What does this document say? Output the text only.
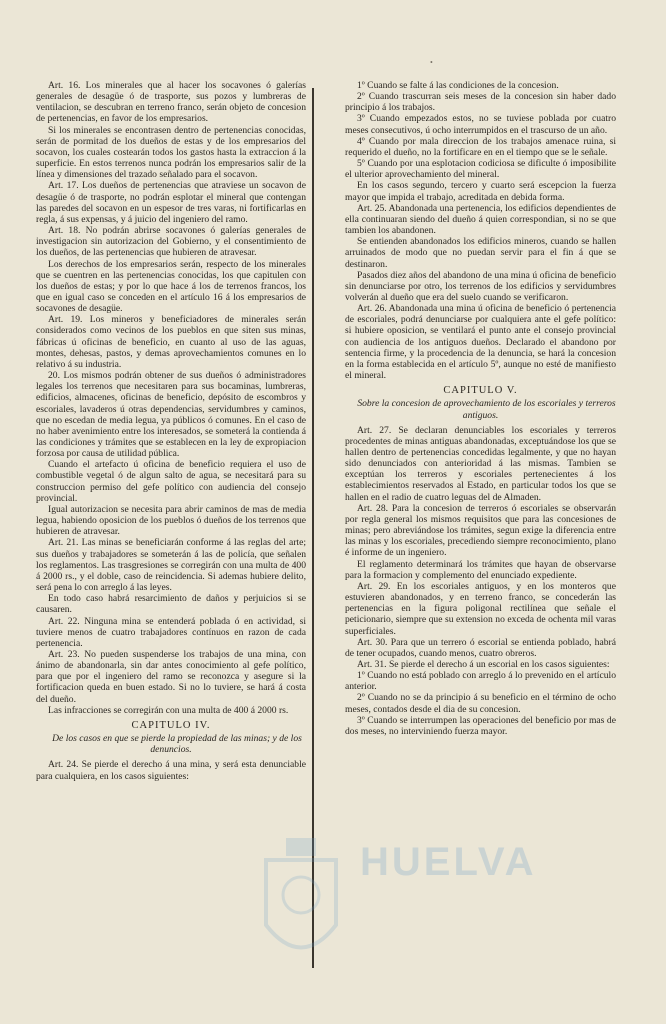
•

Art. 16. Los minerales que al hacer los socavones ó galerías generales de desagüe ó de trasporte, sus pozos y lumbreras de ventilacion, se descubran en terreno franco, serán objeto de concesion de pertenencias, en favor de los empresarios.

Si los minerales se encontrasen dentro de pertenencias conocidas, serán de pormitad de los dueños de estas y de los empresarios del socavon, los cuales costearán todos los gastos hasta la extraccion á la superficie. En estos terrenos nunca podrán los empresarios salir de la línea y dimensiones del trazado señalado para el socavon.

Art. 17. Los dueños de pertenencias que atraviese un socavon de desagüe ó de trasporte, no podrán esplotar el mineral que contengan las paredes del socavon en un espesor de tres varas, ni fortificarlas en regla, á sus expensas, y á juicio del ingeniero del ramo.

Art. 18. No podrán abrirse socavones ó galerías generales de investigacion sin autorizacion del Gobierno, y el consentimiento de los dueños, de las pertenencias que hubieren de atravesar.

Los derechos de los empresarios serán, respecto de los minerales que se cuentren en las pertenencias conocidas, los que capitulen con los dueños de estas; y por lo que hace á los de terrenos francos, los que en igual caso se conceden en el artículo 16 á los empresarios de socavones de desagüe.

Art. 19. Los mineros y beneficiadores de minerales serán considerados como vecinos de los pueblos en que siten sus minas, fábricas ú oficinas de beneficio, en cuanto al uso de las aguas, montes, dehesas, pastos, y demas aprovechamientos comunes en lo relativo á su industria.

20. Los mismos podrán obtener de sus dueños ó administradores legales los terrenos que necesitaren para sus bocaminas, lumbreras, edificios, almacenes, oficinas de beneficio, depósito de escombros y escoriales, lavaderos ú otras dependencias, servidumbres y caminos, que no escedan de media legua, ya públicos ó comunes. En el caso de no haber avenimiento entre los interesados, se someterá la contienda á las condiciones y trámites que se establecen en la ley de expropiacion forzosa por causa de utilidad pública.

Cuando el artefacto ú oficina de beneficio requiera el uso de combustible vegetal ó de algun salto de agua, se necesitará para su construccion permiso del gefe político con audiencia del consejo provincial.

Igual autorizacion se necesita para abrir caminos de mas de media legua, habiendo oposicion de los pueblos ó dueños de los terrenos que hubieren de atravesar.

Art. 21. Las minas se beneficiarán conforme á las reglas del arte; sus dueños y trabajadores se someterán á las de policía, que señalen los reglamentos. Las trasgresiones se corregirán con una multa de 400 á 2000 rs., y el doble, caso de reincidencia. Si ademas hubiere delito, será pena lo con arreglo á las leyes.

En todo caso habrá resarcimiento de daños y perjuicios si se causaren.

Art. 22. Ninguna mina se entenderá poblada ó en actividad, si tuviere menos de cuatro trabajadores contínuos en razon de cada pertenencia.

Art. 23. No pueden suspenderse los trabajos de una mina, con ánimo de abandonarla, sin dar antes conocimiento al gefe político, para que por el ingeniero del ramo se reconozca y asegure si la fortificacion queda en buen estado. Si no lo tuviere, se hará á costa del dueño.

Las infracciones se corregirán con una multa de 400 á 2000 rs.

CAPITULO IV.

De los casos en que se pierde la propiedad de las minas; y de los denuncios.

Art. 24. Se pierde el derecho á una mina, y será esta denunciable para cualquiera, en los casos siguientes:

1º Cuando se falte á las condiciones de la concesion.

2º Cuando trascurran seis meses de la concesion sin haber dado principio á los trabajos.

3º Cuando empezados estos, no se tuviese poblada por cuatro meses consecutivos, ú ocho interrumpidos en el trascurso de un año.

4º Cuando por mala direccion de los trabajos amenace ruina, si requerido el dueño, no la fortificare en en el tiempo que se le señale.

5º Cuando por una esplotacion codiciosa se dificulte ó imposibilite el ulterior aprovechamiento del mineral.

En los casos segundo, tercero y cuarto será escepcion la fuerza mayor que impida el trabajo, acreditada en debida forma.

Art. 25. Abandonada una pertenencia, los edificios dependientes de ella continuaran siendo del dueño á quien correspondian, si no se que tambien los abandonen.

Se entienden abandonados los edificios mineros, cuando se hallen arruinados de modo que no puedan servir para el fin á que se destinaron.

Pasados diez años del abandono de una mina ú oficina de beneficio sin denunciarse por otro, los terrenos de los edificios y servidumbres volverán al dueño que era del suelo cuando se verificaron.

Art. 26. Abandonada una mina ú oficina de beneficio ó pertenencia de escoriales, podrá denunciarse por cualquiera ante el gefe político: si hubiere oposicion, se ventilará el punto ante el consejo provincial con audiencia de los antiguos dueños. Declarado el abandono por sentencia firme, y la procedencia de la denuncia, se hará la concesion en la forma establecida en el artículo 5º, aunque no esté de manifiesto el mineral.

CAPITULO V.

Sobre la concesion de aprovechamiento de los escoriales y terreros antiguos.

Art. 27. Se declaran denunciables los escoriales y terreros procedentes de minas antiguas abandonadas, exceptuándose los que se hallen dentro de pertenencias concedidas legalmente, y que no hayan sido denunciados con anterioridad á las mismas. Tambien se exceptúan los terreros y escoriales pertenecientes á los establecimientos reservados al Estado, en particular todos los que se hallen en el radio de cuatro leguas del de Almaden.

Art. 28. Para la concesion de terreros ó escoriales se observarán por regla general los mismos requisitos que para las concesiones de minas; pero abreviándose los trámites, segun exige la diferencia entre las minas y los escoriales, precediendo siempre reconocimiento, plano é informe de un ingeniero.

El reglamento determinará los trámites que hayan de observarse para la formacion y complemento del enunciado expediente.

Art. 29. En los escoriales antiguos, y en los monteros que estuvieren abandonados, y en terreno franco, se concederán las pertenencias en la figura poligonal rectilínea que señale el peticionario, siempre que su extension no exceda de ochenta mil varas superficiales.

Art. 30. Para que un terrero ó escorial se entienda poblado, habrá de tener ocupados, cuando menos, cuatro obreros.

Art. 31. Se pierde el derecho á un escorial en los casos siguientes:

1º Cuando no está poblado con arreglo á lo prevenido en el artículo anterior.

2º Cuando no se da principio á su beneficio en el término de ocho meses, contados desde el dia de su concesion.

3º Cuando se interrumpen las operaciones del beneficio por mas de dos meses, no interviniendo fuerza mayor.

HUELVA
